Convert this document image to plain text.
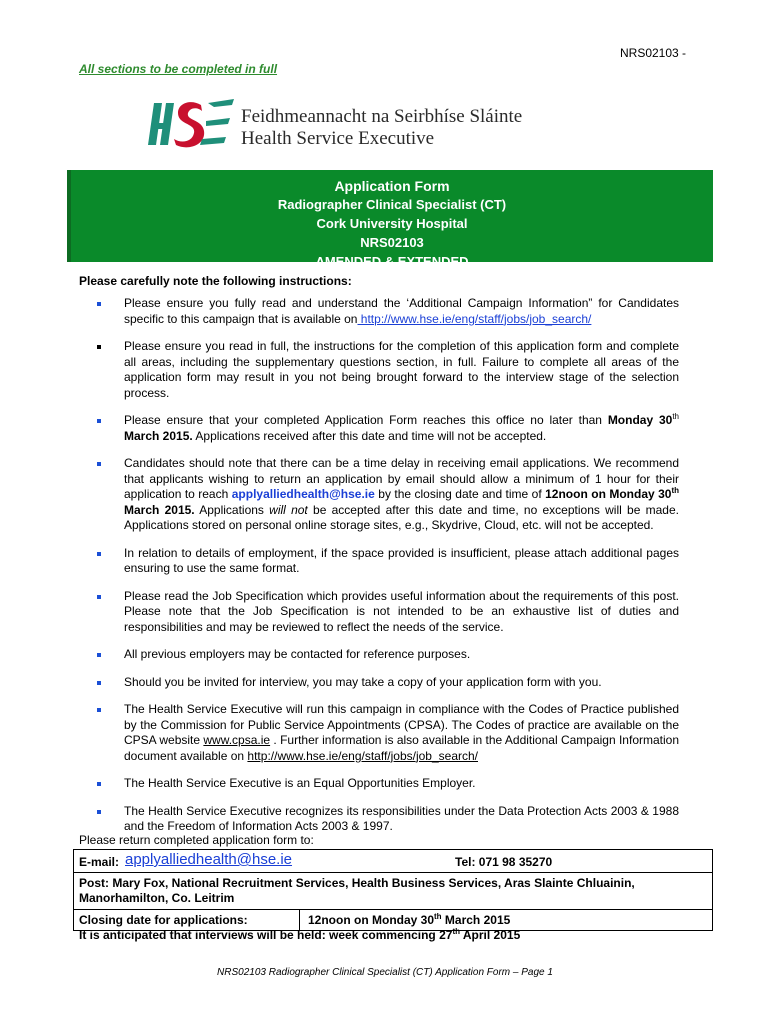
NRS02103 -
All sections to be completed in full
Feidhmeannacht na Seirbhíse Sláinte
Health Service Executive
Application Form
Radiographer Clinical Specialist (CT)
Cork University Hospital
NRS02103
AMENDED & EXTENDED
Please carefully note the following instructions:
Please ensure you fully read and understand the ‘Additional Campaign Information” for Candidates specific to this campaign that is available on http://www.hse.ie/eng/staff/jobs/job_search/
Please ensure you read in full, the instructions for the completion of this application form and complete all areas, including the supplementary questions section, in full. Failure to complete all areas of the application form may result in you not being brought forward to the interview stage of the selection process.
Please ensure that your completed Application Form reaches this office no later than Monday 30th March 2015. Applications received after this date and time will not be accepted.
Candidates should note that there can be a time delay in receiving email applications. We recommend that applicants wishing to return an application by email should allow a minimum of 1 hour for their application to reach applyalliedhealth@hse.ie by the closing date and time of 12noon on Monday 30th March 2015. Applications will not be accepted after this date and time, no exceptions will be made. Applications stored on personal online storage sites, e.g., Skydrive, Cloud, etc. will not be accepted.
In relation to details of employment, if the space provided is insufficient, please attach additional pages ensuring to use the same format.
Please read the Job Specification which provides useful information about the requirements of this post. Please note that the Job Specification is not intended to be an exhaustive list of duties and responsibilities and may be reviewed to reflect the needs of the service.
All previous employers may be contacted for reference purposes.
Should you be invited for interview, you may take a copy of your application form with you.
The Health Service Executive will run this campaign in compliance with the Codes of Practice published by the Commission for Public Service Appointments (CPSA). The Codes of practice are available on the CPSA website www.cpsa.ie . Further information is also available in the Additional Campaign Information document available on http://www.hse.ie/eng/staff/jobs/job_search/
The Health Service Executive is an Equal Opportunities Employer.
The Health Service Executive recognizes its responsibilities under the Data Protection Acts 2003 & 1988 and the Freedom of Information Acts 2003 & 1997.
Please return completed application form to:
E-mail: applyalliedhealth@hse.ie	Tel: 071 98 35270
Post: Mary Fox, National Recruitment Services, Health Business Services, Aras Slainte Chluainin, Manorhamilton, Co. Leitrim
Closing date for applications:	12noon on Monday 30th March 2015
It is anticipated that interviews will be held: week commencing 27th April 2015
NRS02103 Radiographer Clinical Specialist (CT) Application Form – Page 1
